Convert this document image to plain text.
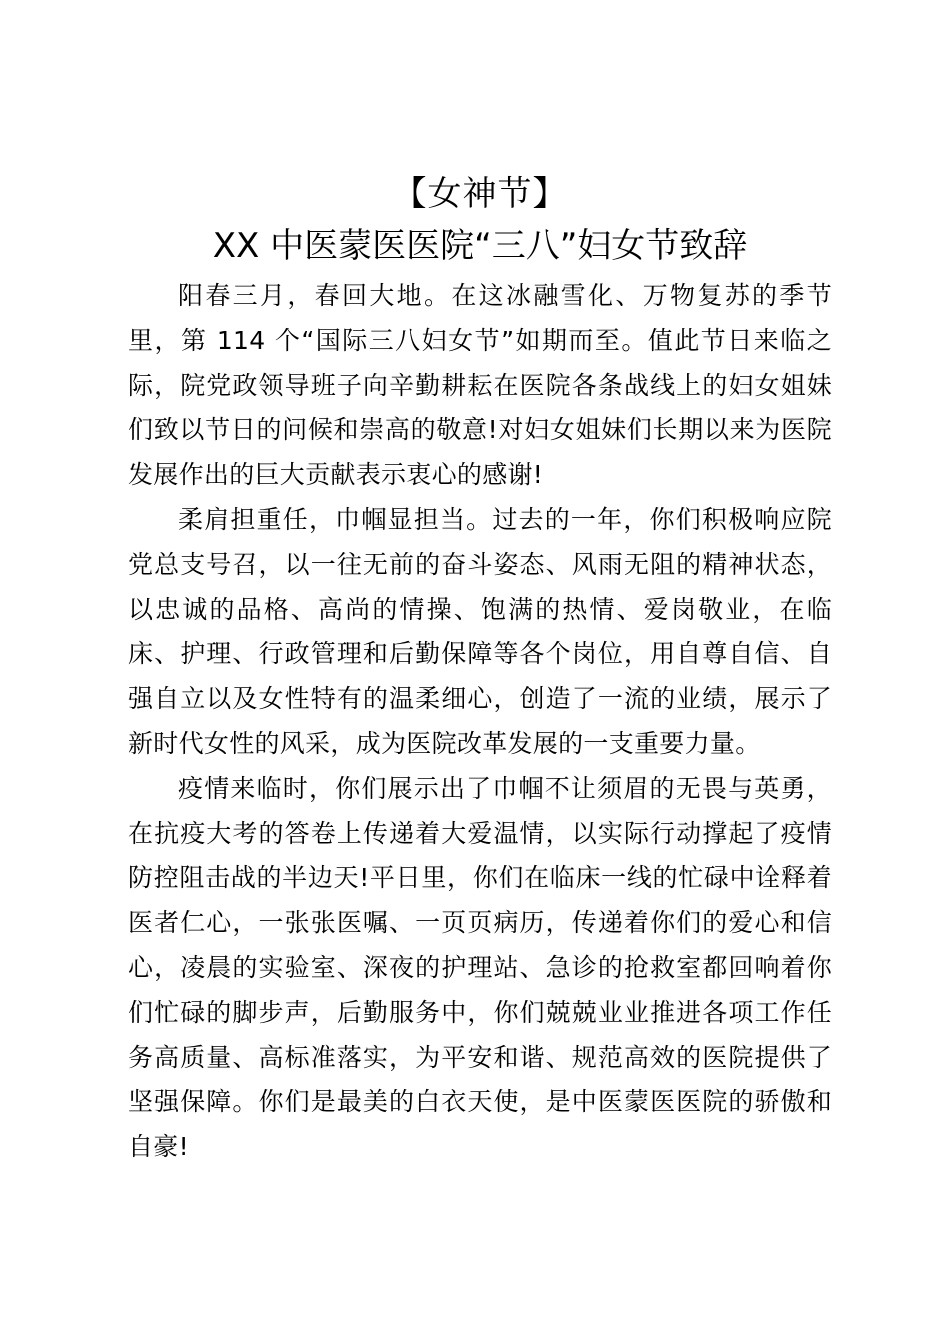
【女神节】
XX 中医蒙医医院“三八”妇女节致辞

阳春三月，春回大地。在这冰融雪化、万物复苏的季节里，第 114 个“国际三八妇女节”如期而至。值此节日来临之际，院党政领导班子向辛勤耕耘在医院各条战线上的妇女姐妹们致以节日的问候和崇高的敬意!对妇女姐妹们长期以来为医院发展作出的巨大贡献表示衷心的感谢!

柔肩担重任，巾帼显担当。过去的一年，你们积极响应院党总支号召，以一往无前的奋斗姿态、风雨无阻的精神状态，以忠诚的品格、高尚的情操、饱满的热情、爱岗敬业，在临床、护理、行政管理和后勤保障等各个岗位，用自尊自信、自强自立以及女性特有的温柔细心，创造了一流的业绩，展示了新时代女性的风采，成为医院改革发展的一支重要力量。

疫情来临时，你们展示出了巾帼不让须眉的无畏与英勇，在抗疫大考的答卷上传递着大爱温情，以实际行动撑起了疫情防控阻击战的半边天!平日里，你们在临床一线的忙碌中诠释着医者仁心，一张张医嘱、一页页病历，传递着你们的爱心和信心，凌晨的实验室、深夜的护理站、急诊的抢救室都回响着你们忙碌的脚步声，后勤服务中，你们兢兢业业推进各项工作任务高质量、高标准落实，为平安和谐、规范高效的医院提供了坚强保障。你们是最美的白衣天使，是中医蒙医医院的骄傲和自豪!
